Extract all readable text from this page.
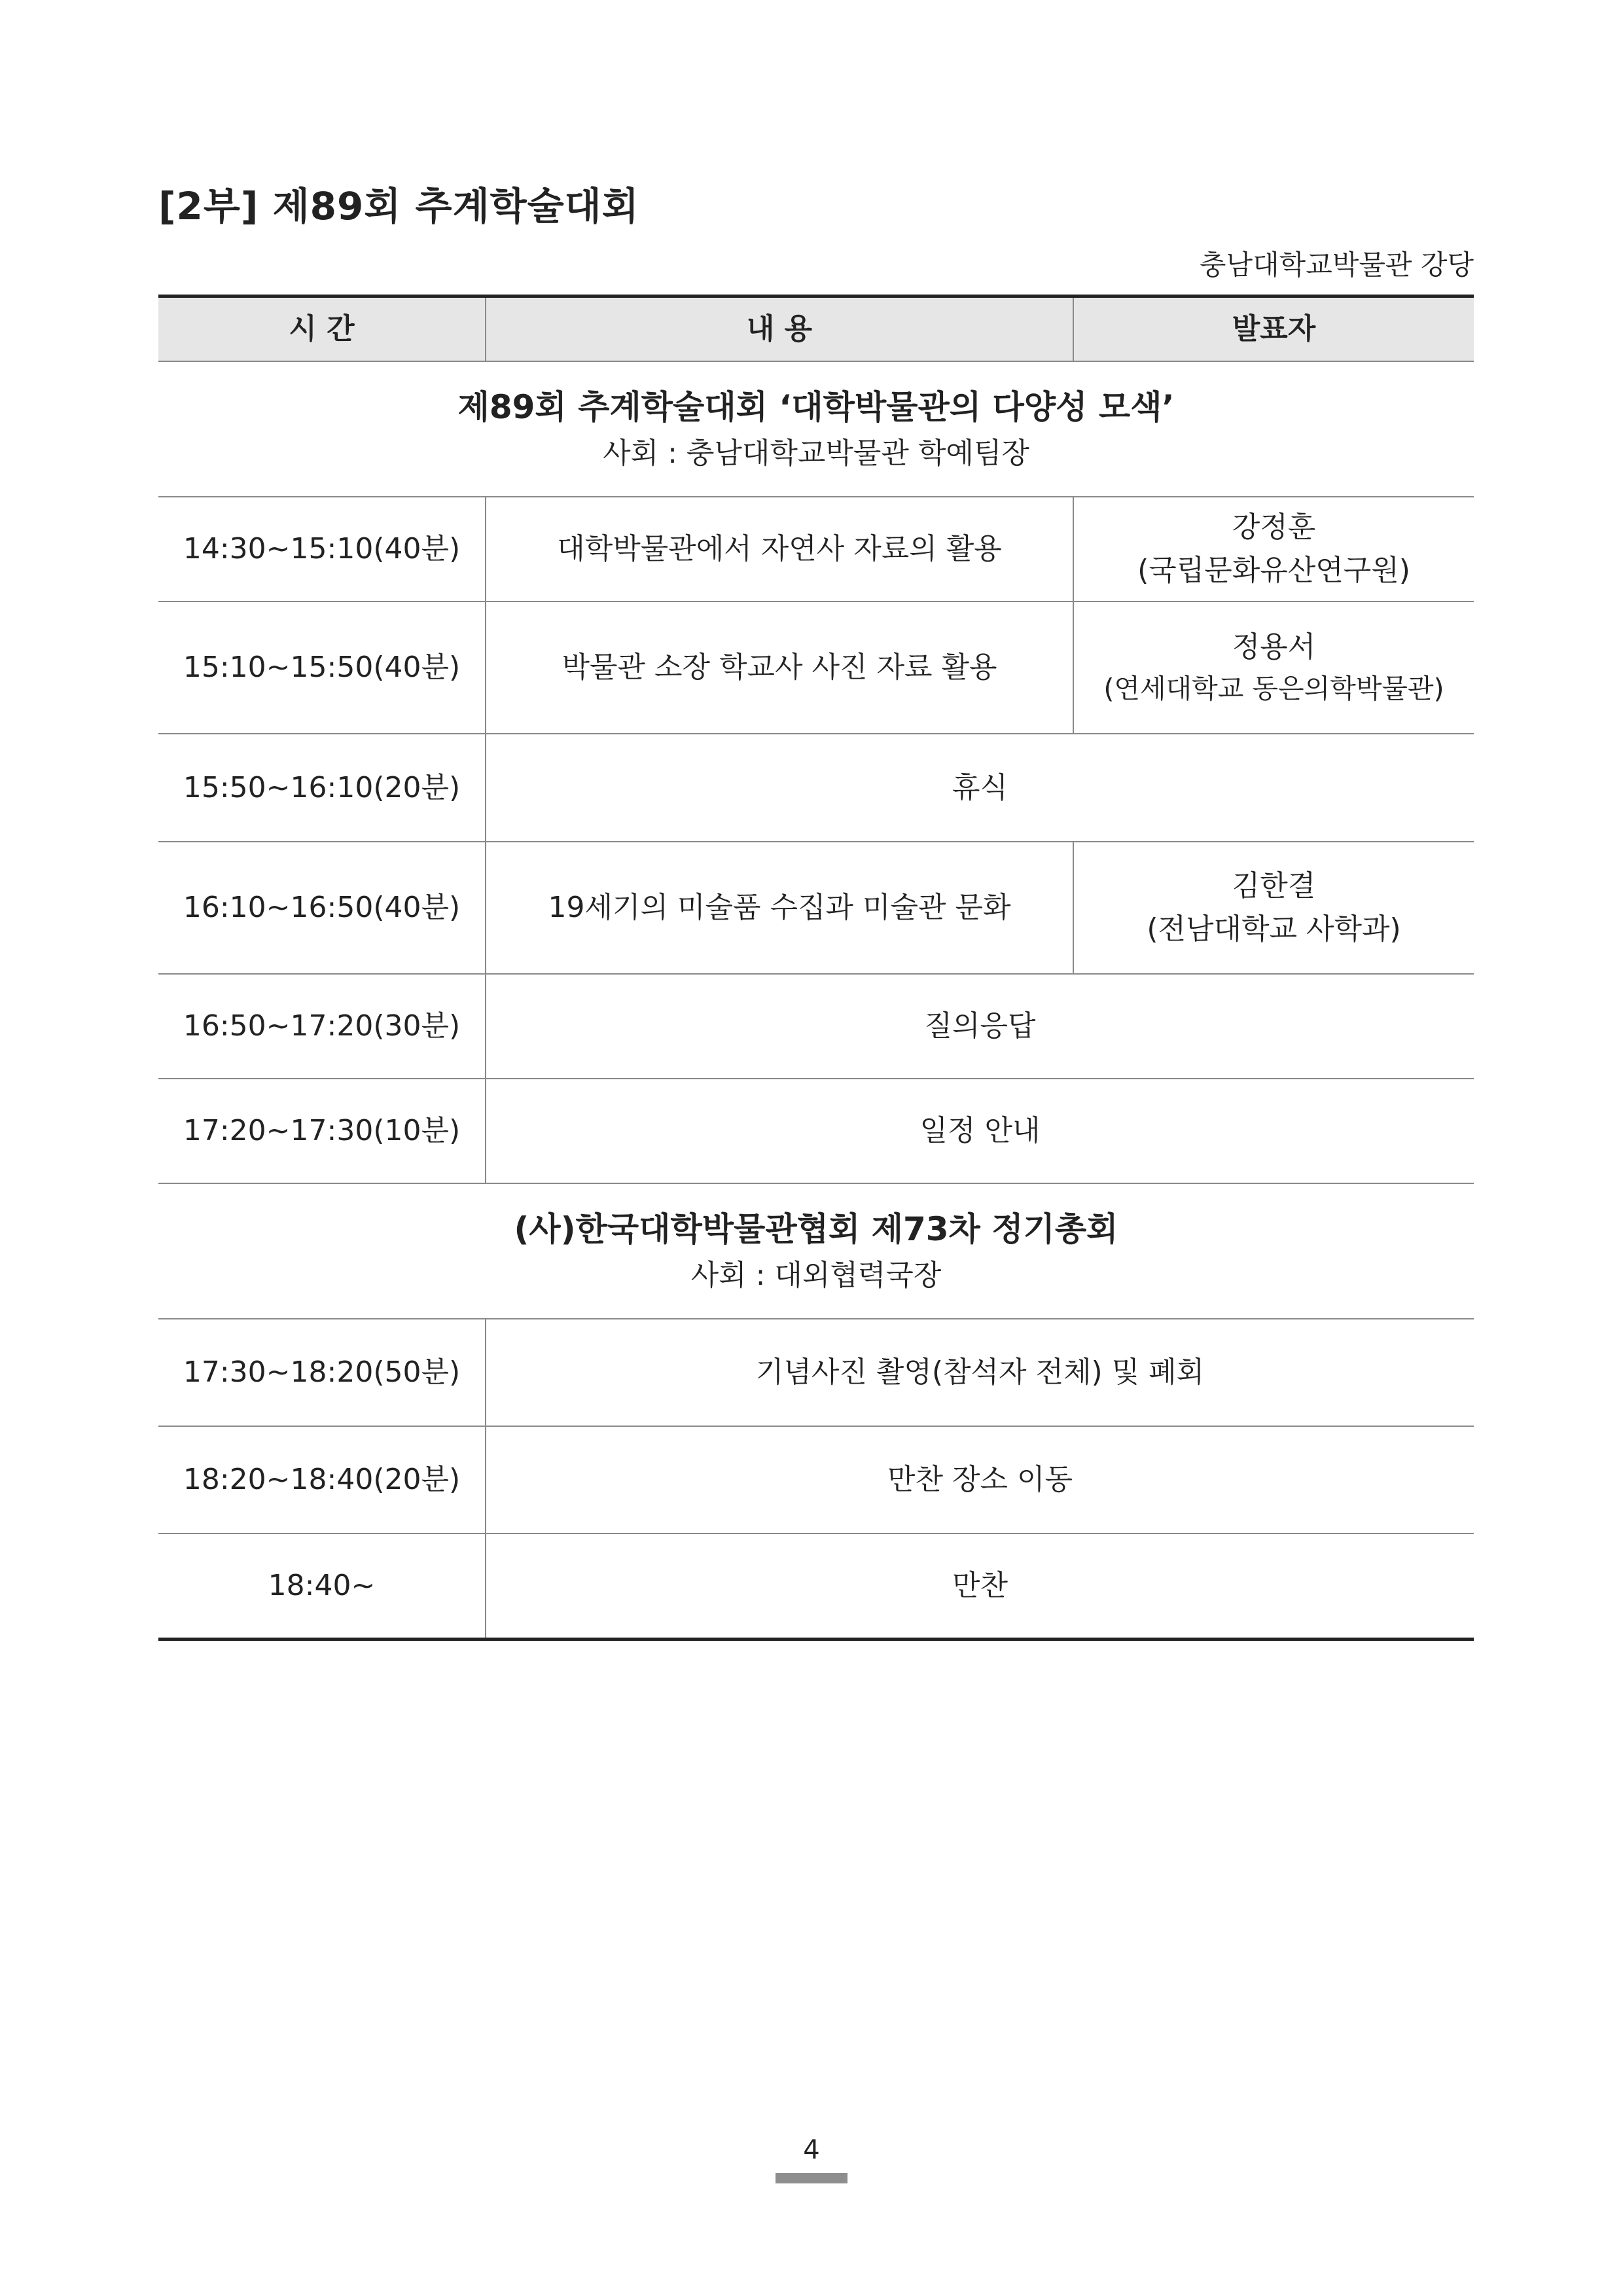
[2부] 제89회 추계학술대회
충남대학교박물관 강당
시 간	내 용	발표자

제89회 추계학술대회 ‘대학박물관의 다양성 모색’
사회 : 충남대학교박물관 학예팀장		

14:30~15:10(40분)	대학박물관에서 자연사 자료의 활용	강정훈
(국립문화유산연구원)

15:10~15:50(40분)	박물관 소장 학교사 사진 자료 활용	정용서
(연세대학교 동은의학박물관)

15:50~16:10(20분)	휴식	
16:10~16:50(40분)	19세기의 미술품 수집과 미술관 문화	김한결
(전남대학교 사학과)

16:50~17:20(30분)	질의응답	
17:20~17:30(10분)	일정 안내	

(사)한국대학박물관협회 제73차 정기총회
사회 : 대외협력국장		

17:30~18:20(50분)	기념사진 촬영(참석자 전체) 및 폐회	
18:20~18:40(20분)	만찬 장소 이동	
18:40~	만찬	
4
